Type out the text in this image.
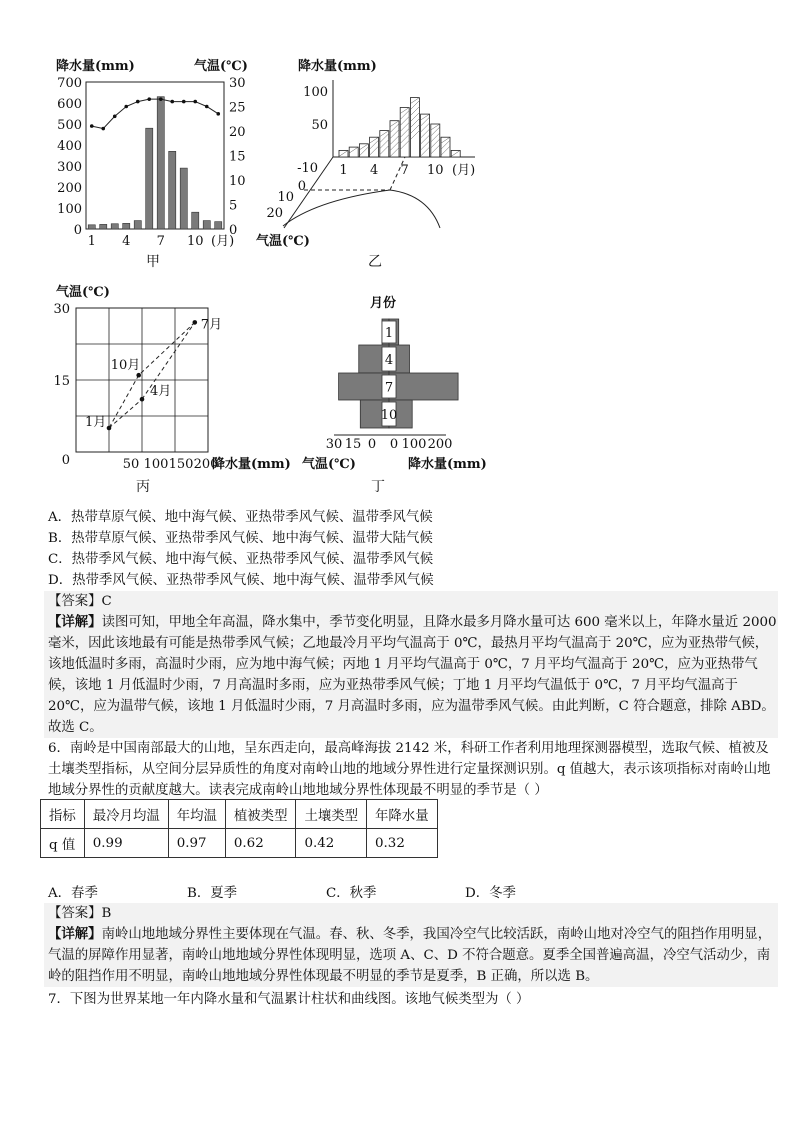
降水量(mm)	气温(℃)
0
100
200
300
400
500
600
700
0
5
10
15
20
25
30
1 4 7 10 (月)
甲
降水量(mm)
50
100
1 4 7 10 (月)
-10
0
10
20
气温(℃)
乙
气温(℃)
0
15
30
50 100 150 200
降水量(mm)
1月
4月
7月
10月
丙
月份
1
4
7
10
30 15 0 0 100 200
气温(℃)	降水量(mm)
丁
A．热带草原气候、地中海气候、亚热带季风气候、温带季风气候
B．热带草原气候、亚热带季风气候、地中海气候、温带大陆气候
C．热带季风气候、地中海气候、亚热带季风气候、温带季风气候
D．热带季风气候、亚热带季风气候、地中海气候、温带季风气候
【答案】C
【详解】读图可知，甲地全年高温，降水集中，季节变化明显，且降水最多月降水量可达 600 毫米以上，年降水量近 2000 毫米，因此该地最有可能是热带季风气候；乙地最冷月平均气温高于 0℃，最热月平均气温高于 20℃，应为亚热带气候，该地低温时多雨，高温时少雨，应为地中海气候；丙地 1 月平均气温高于 0℃，7 月平均气温高于 20℃，应为亚热带气候，该地 1 月低温时少雨，7 月高温时多雨，应为亚热带季风气候；丁地 1 月平均气温低于 0℃，7 月平均气温高于 20℃，应为温带气候，该地 1 月低温时少雨，7 月高温时多雨，应为温带季风气候。由此判断，C 符合题意，排除 ABD。故选 C。
6．南岭是中国南部最大的山地，呈东西走向，最高峰海拔 2142 米，科研工作者利用地理探测器模型，选取气候、植被及土壤类型指标，从空间分层异质性的角度对南岭山地的地域分界性进行定量探测识别。q 值越大，表示该项指标对南岭山地地域分界性的贡献度越大。读表完成南岭山地地域分界性体现最不明显的季节是（ ）
指标	最冷月均温	年均温	植被类型	土壤类型	年降水量
q 值	0.99	0.97	0.62	0.42	0.32
A．春季	B．夏季	C．秋季	D．冬季
【答案】B
【详解】南岭山地地域分界性主要体现在气温。春、秋、冬季，我国冷空气比较活跃，南岭山地对冷空气的阻挡作用明显，气温的屏障作用显著，南岭山地地域分界性体现明显，选项 A、C、D 不符合题意。夏季全国普遍高温，冷空气活动少，南岭的阻挡作用不明显，南岭山地地域分界性体现最不明显的季节是夏季，B 正确，所以选 B。
7．下图为世界某地一年内降水量和气温累计柱状和曲线图。该地气候类型为（ ）
